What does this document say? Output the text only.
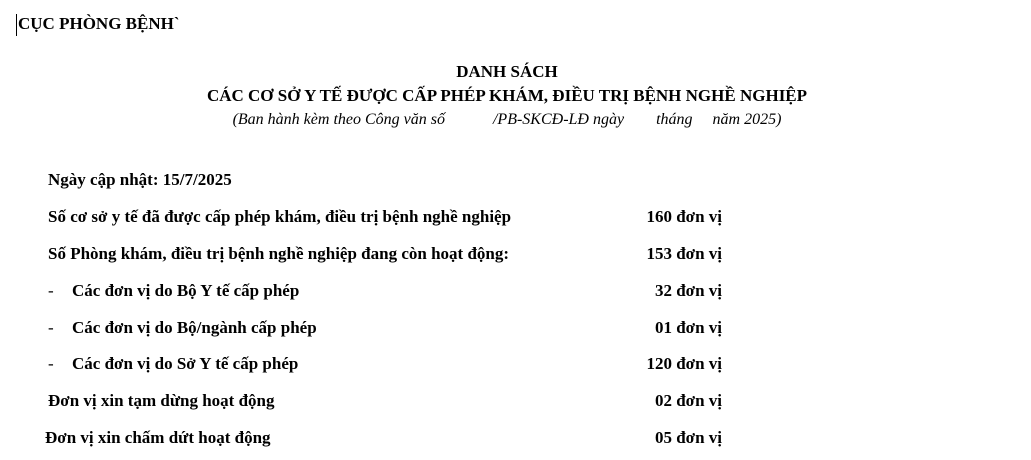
CỤC PHÒNG BỆNH`
DANH SÁCH
CÁC CƠ SỞ Y TẾ ĐƯỢC CẤP PHÉP KHÁM, ĐIỀU TRỊ BỆNH NGHỀ NGHIỆP
(Ban hành kèm theo Công văn số            /PB-SKCĐ-LĐ ngày        tháng     năm 2025)
Ngày cập nhật: 15/7/2025
Số cơ sở y tế đã được cấp phép khám, điều trị bệnh nghề nghiệp	160 đơn vị
Số Phòng khám, điều trị bệnh nghề nghiệp đang còn hoạt động:	153 đơn vị
- Các đơn vị do Bộ Y tế cấp phép	32 đơn vị
- Các đơn vị do Bộ/ngành cấp phép	01 đơn vị
- Các đơn vị do Sở Y tế cấp phép	120 đơn vị
Đơn vị xin tạm dừng hoạt động	02 đơn vị
Đơn vị xin chấm dứt hoạt động	05 đơn vị
